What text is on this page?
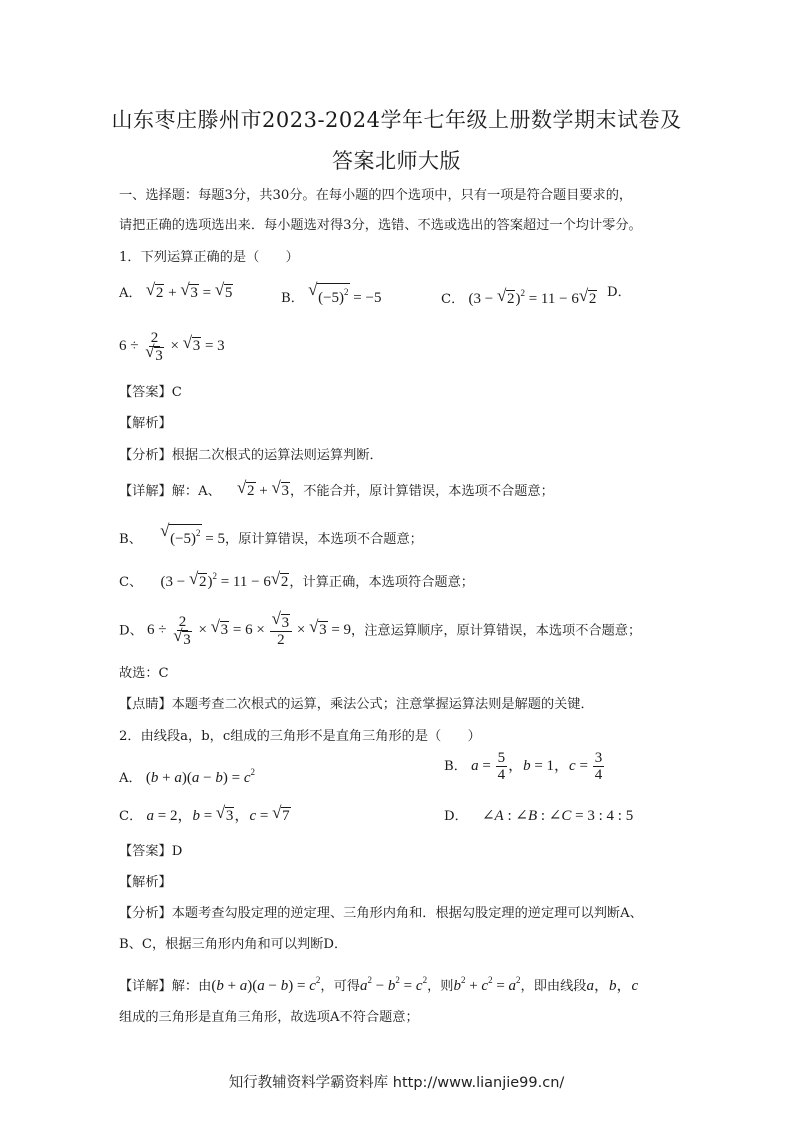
山东枣庄滕州市2023-2024学年七年级上册数学期末试卷及
答案北师大版
一、选择题：每题3分，共30分。在每小题的四个选项中，只有一项是符合题目要求的，
请把正确的选项选出来．每小题选对得3分，选错、不选或选出的答案超过一个均计零分。
1．下列运算正确的是（　　）
A． √ 2 + √ 3 = √ 5	B． √ $(-5)^2 = -5$	C． (3 − √ 2)$^2$ = 11 − 6 √ 2 D．
$6 \div \frac{2}{√ 3}$ × √ 3 = 3
【答案】C
【解析】
【分析】根据二次根式的运算法则运算判断．
【详解】解：A、 √ 2 + √ 3，不能合并，原计算错误，本选项不合题意；
B、 √ $(-5)^2 = 5$，原计算错误，本选项不合题意；
C、 (3 − √ 2)$^2$ = 11 − 6 √ 2，计算正确，本选项符合题意；
D、 $6 \div \frac{2}{√ 3}$ × √ $3 = 6 \times \frac{√ 3}{2}$ × √ 3 = 9，注意运算顺序，原计算错误，本选项不合题意；
故选：C
【点睛】本题考查二次根式的运算，乘法公式；注意掌握运算法则是解题的关键．
2．由线段a，b，c组成的三角形不是直角三角形的是（　　）
A． $(b + a)(a - b) = c^2$	B． $a = \frac{5}{4}$ ，b = 1，$c = \frac{3}{4}$
C． a = 2，b = √ 3，c = √ 7	D． ∠A : ∠B : ∠C = 3 : 4 : 5
【答案】D
【解析】
【分析】本题考查勾股定理的逆定理、三角形内角和．根据勾股定理的逆定理可以判断A、
B、C，根据三角形内角和可以判断D．
【详解】解：由$(b + a)(a - b) = c^2$，可得$a^2 - b^2 = c^2$，则$b^2 + c^2 = a^2$，即由线段a，b，c
组成的三角形是直角三角形，故选项A不符合题意；
知行教辅资料学霸资料库 http://www.lianjie99.cn/
